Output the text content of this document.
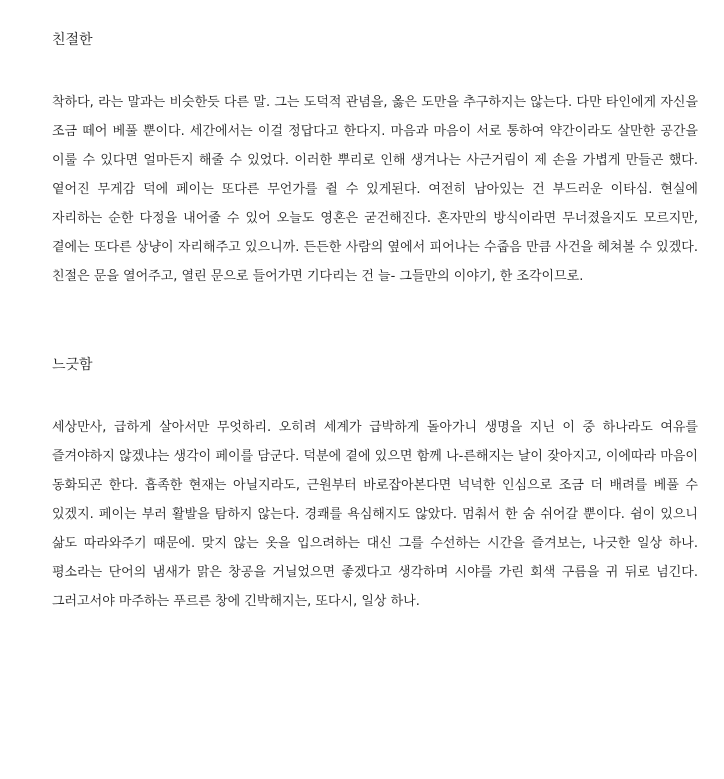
친절한

착하다, 라는 말과는 비슷한듯 다른 말. 그는 도덕적 관념을, 옳은 도만을 추구하지는 않는다. 다만 타인에게 자신을 조금 떼어 베풀 뿐이다. 세간에서는 이걸 정답다고 한다지. 마음과 마음이 서로 통하여 약간이라도 살만한 공간을 이룰 수 있다면 얼마든지 해줄 수 있었다. 이러한 뿌리로 인해 생겨나는 사근거림이 제 손을 가볍게 만들곤 했다. 옅어진 무게감 덕에 페이는 또다른 무언가를 쥘 수 있게된다. 여전히 남아있는 건 부드러운 이타심. 현실에 자리하는 순한 다정을 내어줄 수 있어 오늘도 영혼은 굳건해진다. 혼자만의 방식이라면 무너졌을지도 모르지만, 곁에는 또다른 상냥이 자리해주고 있으니까. 든든한 사람의 옆에서 피어나는 수줍음 만큼 사건을 헤쳐볼 수 있겠다. 친절은 문을 열어주고, 열린 문으로 들어가면 기다리는 건 늘- 그들만의 이야기, 한 조각이므로.

느긋함

세상만사, 급하게 살아서만 무엇하리. 오히려 세계가 급박하게 돌아가니 생명을 지닌 이 중 하나라도 여유를 즐겨야하지 않겠냐는 생각이 페이를 담군다. 덕분에 곁에 있으면 함께 나-른해지는 날이 잦아지고, 이에따라 마음이 동화되곤 한다. 흡족한 현재는 아닐지라도, 근원부터 바로잡아본다면 넉넉한 인심으로 조금 더 배려를 베풀 수 있겠지. 페이는 부러 활발을 탐하지 않는다. 경쾌를 욕심해지도 않았다. 멈춰서 한 숨 쉬어갈 뿐이다. 쉼이 있으니 삶도 따라와주기 때문에. 맞지 않는 옷을 입으려하는 대신 그를 수선하는 시간을 즐겨보는, 나긋한 일상 하나. 평소라는 단어의 냄새가 맑은 창공을 거닐었으면 좋겠다고 생각하며 시야를 가린 회색 구름을 귀 뒤로 넘긴다. 그러고서야 마주하는 푸르른 창에 긴박해지는, 또다시, 일상 하나.
